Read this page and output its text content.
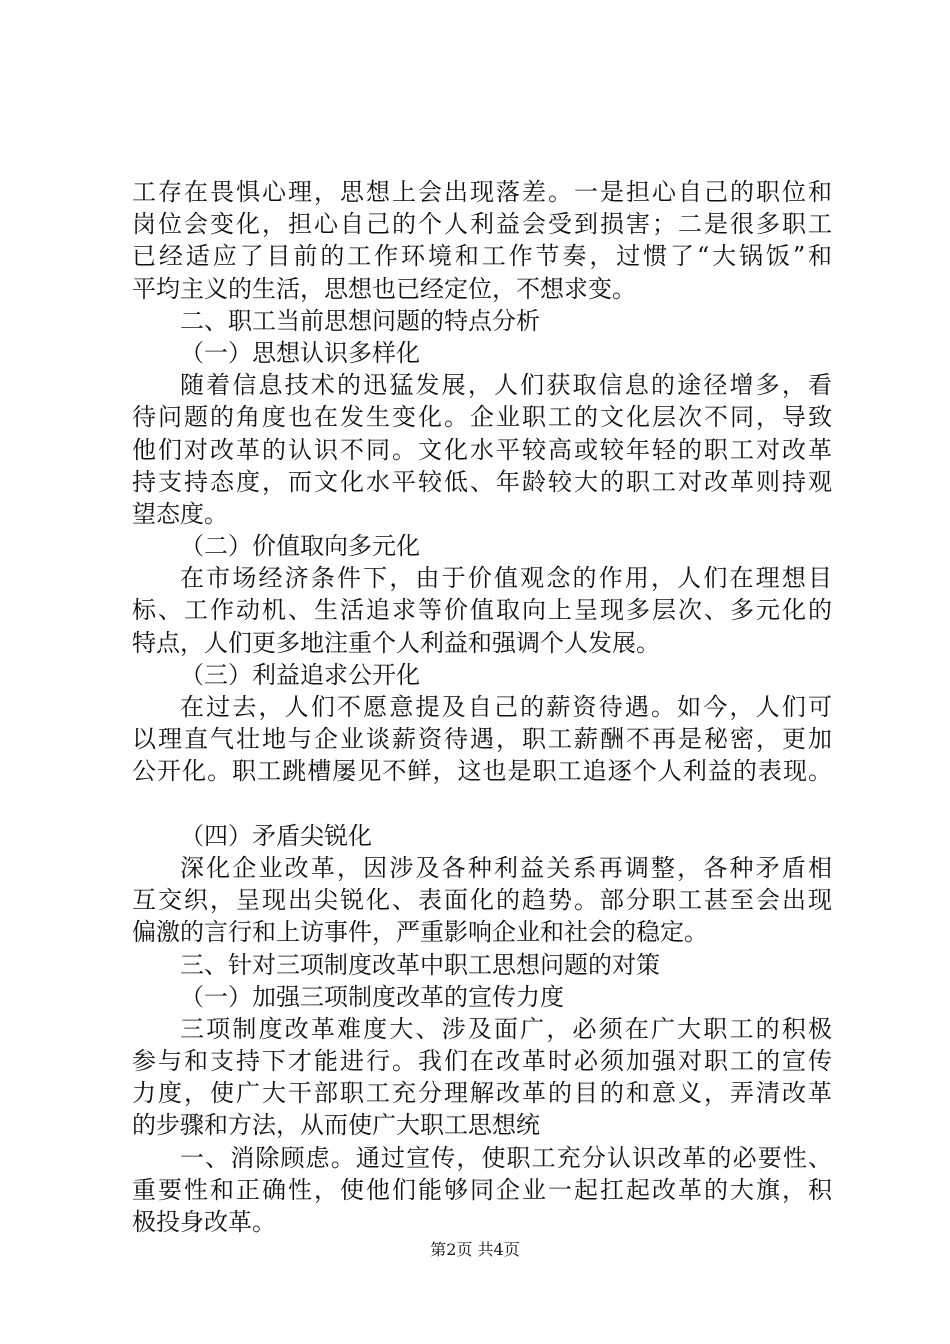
工存在畏惧心理，思想上会出现落差。一是担心自己的职位和
岗位会变化，担心自己的个人利益会受到损害；二是很多职工
已经适应了目前的工作环境和工作节奏，过惯了“大锅饭”和
平均主义的生活，思想也已经定位，不想求变。
二、职工当前思想问题的特点分析
（一）思想认识多样化
随着信息技术的迅猛发展，人们获取信息的途径增多，看
待问题的角度也在发生变化。企业职工的文化层次不同，导致
他们对改革的认识不同。文化水平较高或较年轻的职工对改革
持支持态度，而文化水平较低、年龄较大的职工对改革则持观
望态度。
（二）价值取向多元化
在市场经济条件下，由于价值观念的作用，人们在理想目
标、工作动机、生活追求等价值取向上呈现多层次、多元化的
特点，人们更多地注重个人利益和强调个人发展。
（三）利益追求公开化
在过去，人们不愿意提及自己的薪资待遇。如今，人们可
以理直气壮地与企业谈薪资待遇，职工薪酬不再是秘密，更加
公开化。职工跳槽屡见不鲜，这也是职工追逐个人利益的表现。
（四）矛盾尖锐化
深化企业改革，因涉及各种利益关系再调整，各种矛盾相
互交织，呈现出尖锐化、表面化的趋势。部分职工甚至会出现
偏激的言行和上访事件，严重影响企业和社会的稳定。
三、针对三项制度改革中职工思想问题的对策
（一）加强三项制度改革的宣传力度
三项制度改革难度大、涉及面广，必须在广大职工的积极
参与和支持下才能进行。我们在改革时必须加强对职工的宣传
力度，使广大干部职工充分理解改革的目的和意义，弄清改革
的步骤和方法，从而使广大职工思想统
一、消除顾虑。通过宣传，使职工充分认识改革的必要性、
重要性和正确性，使他们能够同企业一起扛起改革的大旗，积
极投身改革。
第2页 共4页
